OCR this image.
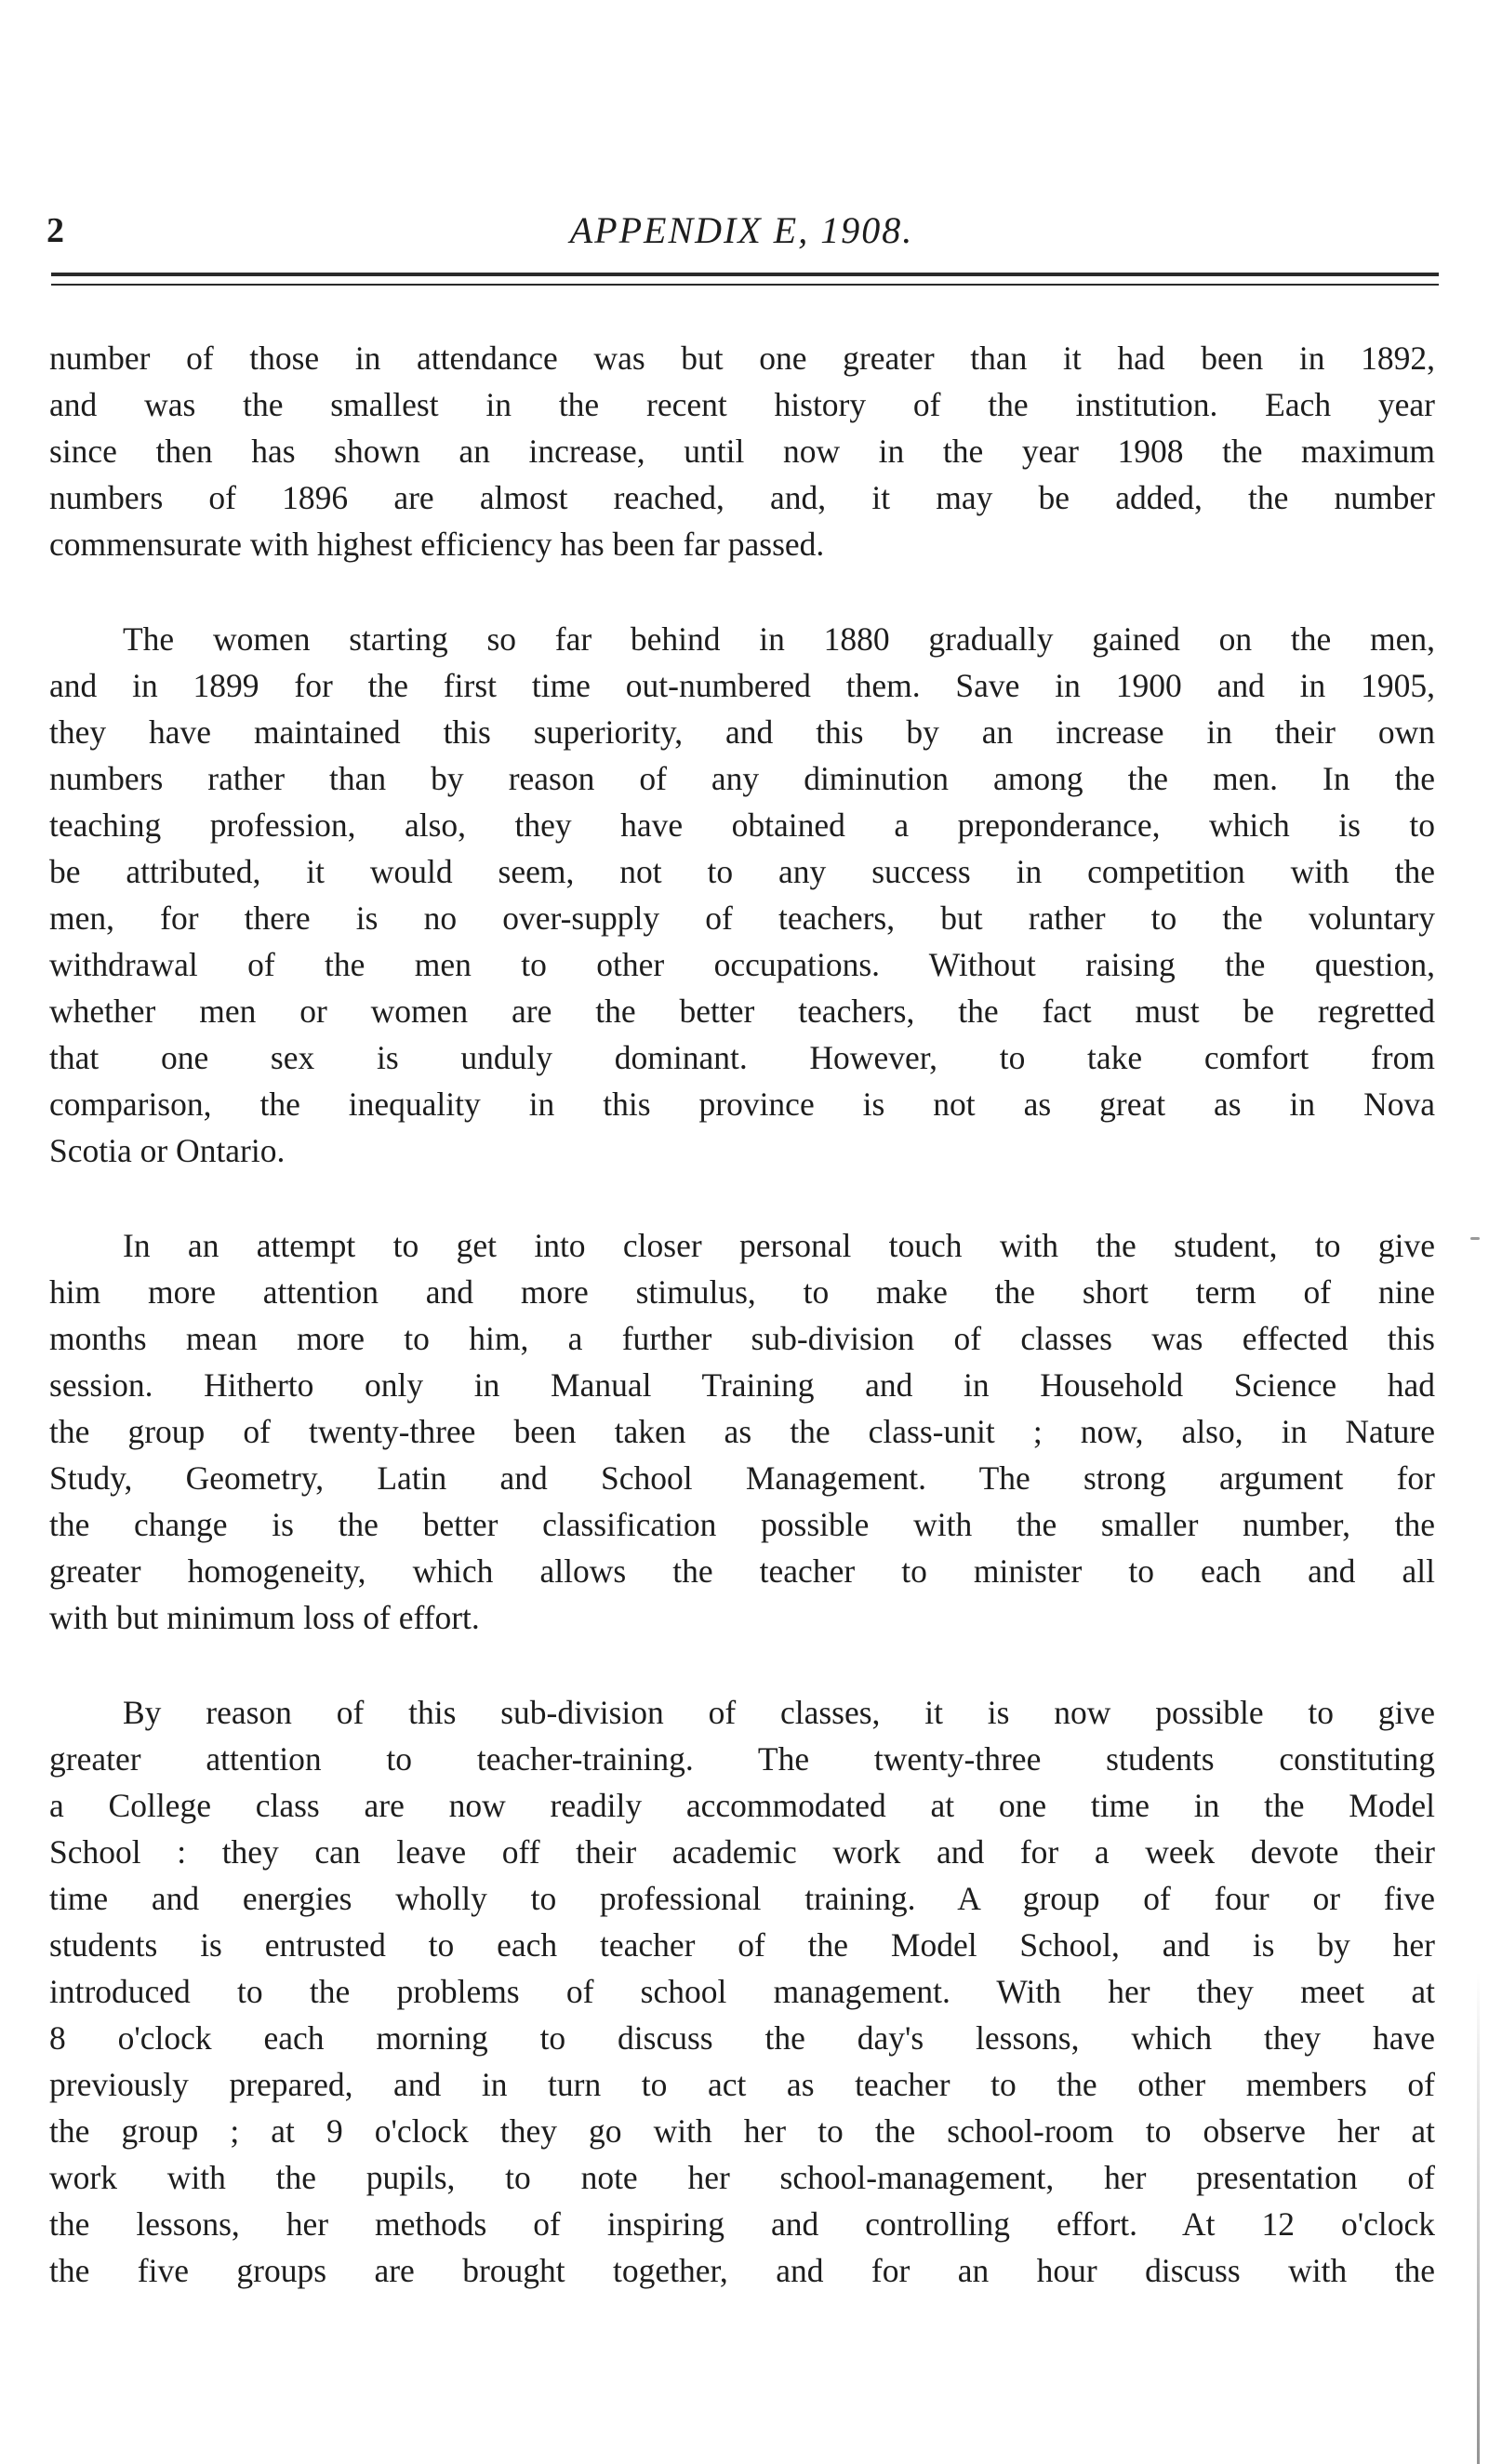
2	APPENDIX E, 1908.
number of those in attendance was but one greater than it had been in 1892,
and was the smallest in the recent history of the institution. Each year
since then has shown an increase, until now in the year 1908 the maximum
numbers of 1896 are almost reached, and, it may be added, the number
commensurate with highest efficiency has been far passed.
The women starting so far behind in 1880 gradually gained on the men,
and in 1899 for the first time out-numbered them. Save in 1900 and in 1905,
they have maintained this superiority, and this by an increase in their own
numbers rather than by reason of any diminution among the men. In the
teaching profession, also, they have obtained a preponderance, which is to
be attributed, it would seem, not to any success in competition with the
men, for there is no over-supply of teachers, but rather to the voluntary
withdrawal of the men to other occupations. Without raising the question,
whether men or women are the better teachers, the fact must be regretted
that one sex is unduly dominant. However, to take comfort from
comparison, the inequality in this province is not as great as in Nova
Scotia or Ontario.
In an attempt to get into closer personal touch with the student, to give
him more attention and more stimulus, to make the short term of nine
months mean more to him, a further sub-division of classes was effected this
session. Hitherto only in Manual Training and in Household Science had
the group of twenty-three been taken as the class-unit ; now, also, in Nature
Study, Geometry, Latin and School Management. The strong argument for
the change is the better classification possible with the smaller number, the
greater homogeneity, which allows the teacher to minister to each and all
with but minimum loss of effort.
By reason of this sub-division of classes, it is now possible to give
greater attention to teacher-training. The twenty-three students constituting
a College class are now readily accommodated at one time in the Model
School : they can leave off their academic work and for a week devote their
time and energies wholly to professional training. A group of four or five
students is entrusted to each teacher of the Model School, and is by her
introduced to the problems of school management. With her they meet at
8 o'clock each morning to discuss the day's lessons, which they have
previously prepared, and in turn to act as teacher to the other members of
the group ; at 9 o'clock they go with her to the school-room to observe her at
work with the pupils, to note her school-management, her presentation of
the lessons, her methods of inspiring and controlling effort. At 12 o'clock
the five groups are brought together, and for an hour discuss with the
